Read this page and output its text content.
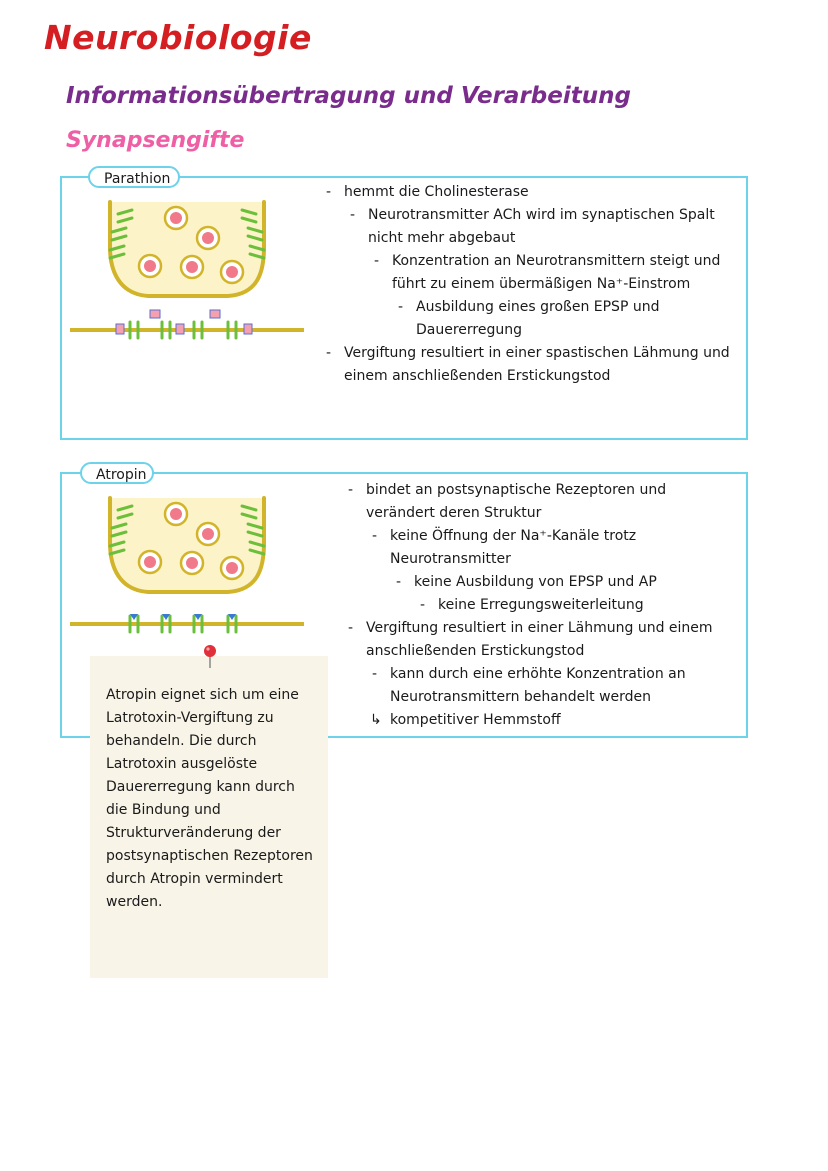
Neurobiologie
Informationsübertragung und Verarbeitung
Synapsengifte
Parathion
- hemmt die Cholinesterase
- Neurotransmitter ACh wird im synaptischen Spalt nicht mehr abgebaut
- Konzentration an Neurotransmittern steigt und führt zu einem übermäßigen Na⁺-Einstrom
- Ausbildung eines großen EPSP und Dauererregung
- Vergiftung resultiert in einer spastischen Lähmung und einem anschließenden Erstickungstod
Atropin
- bindet an postsynaptische Rezeptoren und verändert deren Struktur
- keine Öffnung der Na⁺-Kanäle trotz Neurotransmitter
- keine Ausbildung von EPSP und AP
- keine Erregungsweiterleitung
- Vergiftung resultiert in einer Lähmung und einem anschließenden Erstickungstod
- kann durch eine erhöhte Konzentration an Neurotransmittern behandelt werden
↳ kompetitiver Hemmstoff
Atropin eignet sich um eine Latrotoxin-Vergiftung zu behandeln. Die durch Latrotoxin ausgelöste Dauererregung kann durch die Bindung und Strukturveränderung der postsynaptischen Rezeptoren durch Atropin vermindert werden.
